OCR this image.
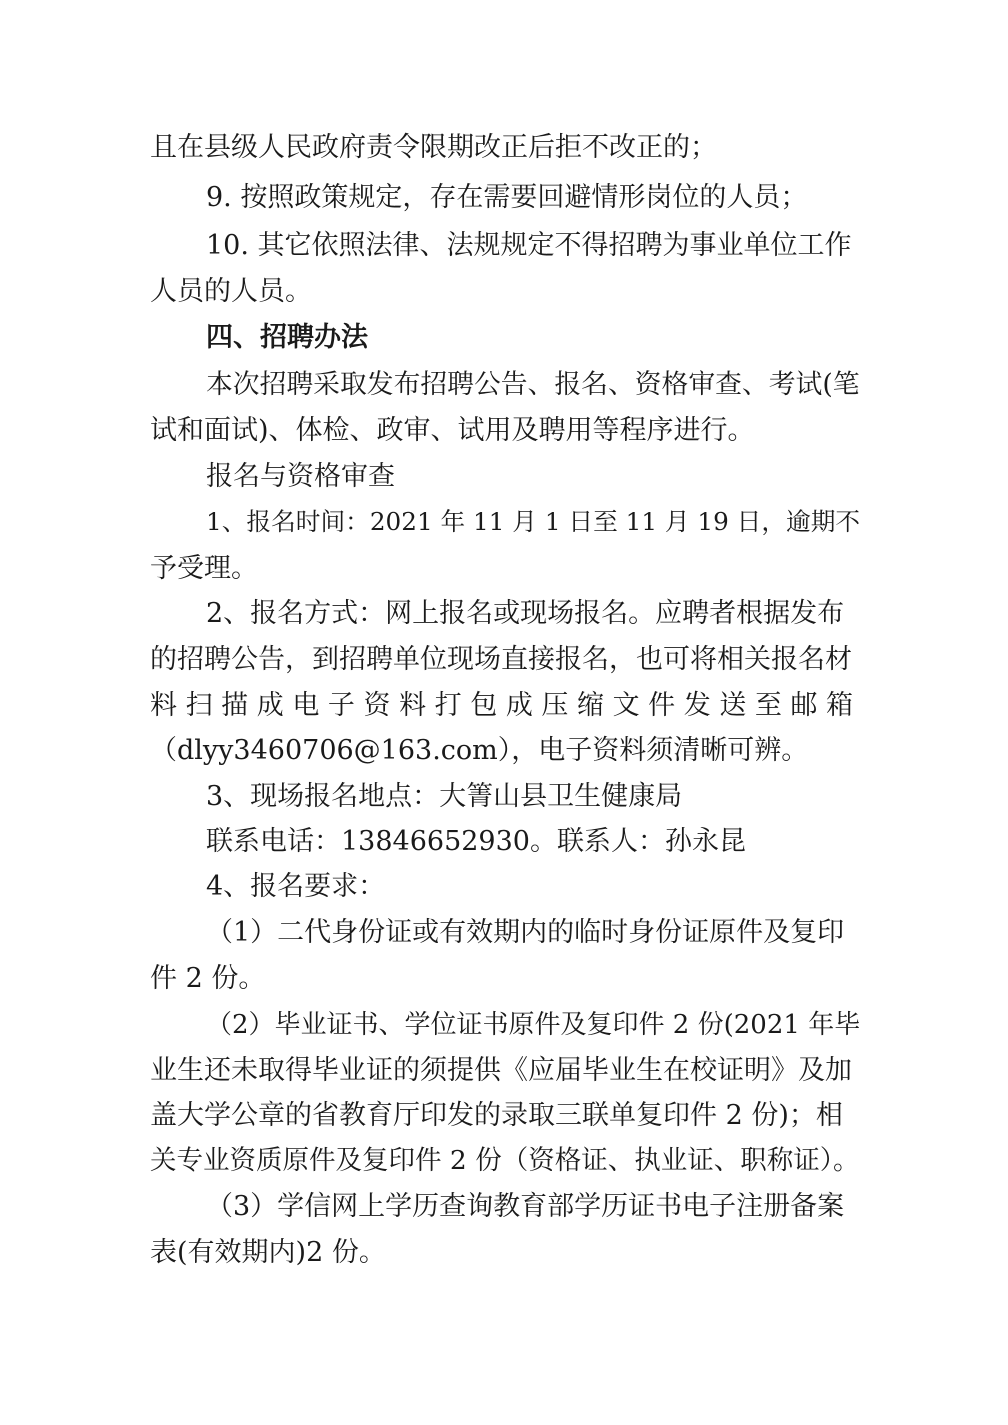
且在县级人民政府责令限期改正后拒不改正的；
9. 按照政策规定，存在需要回避情形岗位的人员；
10. 其它依照法律、法规规定不得招聘为事业单位工作
人员的人员。
四、招聘办法
本次招聘采取发布招聘公告、报名、资格审查、考试(笔
试和面试)、体检、政审、试用及聘用等程序进行。
报名与资格审查
1、报名时间：2021 年 11 月 1 日至 11 月 19 日，逾期不
予受理。
2、报名方式：网上报名或现场报名。应聘者根据发布
的招聘公告，到招聘单位现场直接报名，也可将相关报名材
料 扫 描 成 电 子 资 料 打 包 成 压 缩 文 件 发 送 至 邮 箱
（dlyy3460706@163.com），电子资料须清晰可辨。
3、现场报名地点：大箐山县卫生健康局
联系电话：13846652930。联系人：孙永昆
4、报名要求：
（1）二代身份证或有效期内的临时身份证原件及复印
件 2 份。
（2）毕业证书、学位证书原件及复印件 2 份(2021 年毕
业生还未取得毕业证的须提供《应届毕业生在校证明》及加
盖大学公章的省教育厅印发的录取三联单复印件 2 份)；相
关专业资质原件及复印件 2 份（资格证、执业证、职称证）。
（3）学信网上学历查询教育部学历证书电子注册备案
表(有效期内)2 份。
